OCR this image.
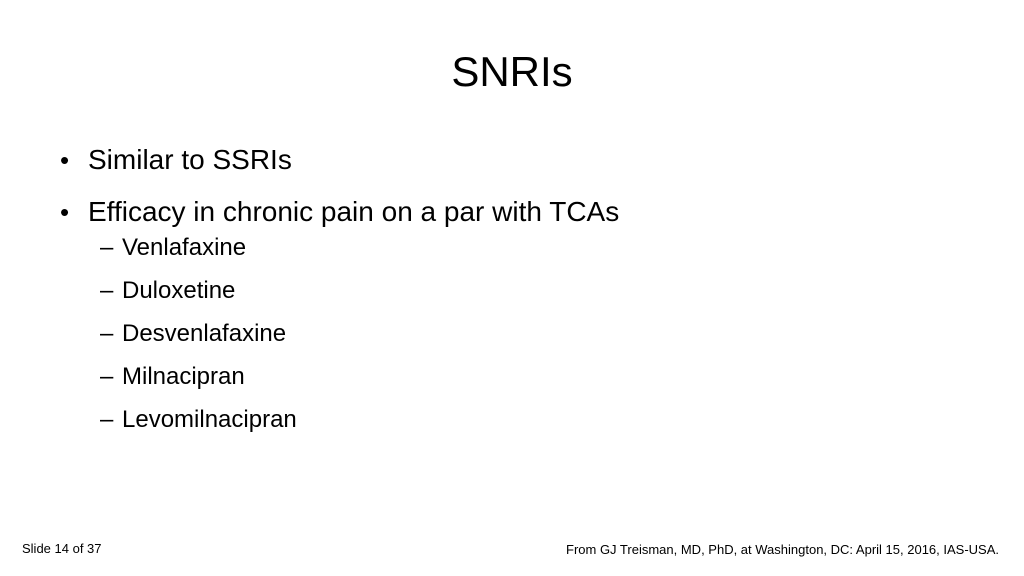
SNRIs
• Similar to SSRIs
• Efficacy in chronic pain on a par with TCAs
– Venlafaxine
– Duloxetine
– Desvenlafaxine
– Milnacipran
– Levomilnacipran
Slide 14 of 37	From GJ Treisman, MD, PhD, at Washington, DC: April 15, 2016, IAS-USA.
